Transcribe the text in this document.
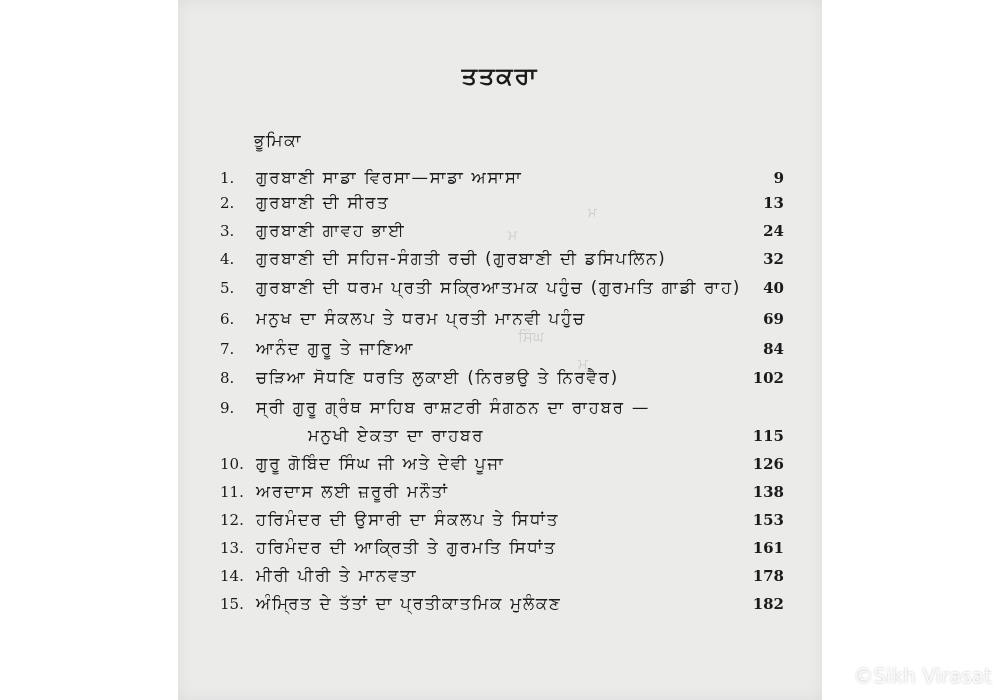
ਤਤਕਰਾ
ਭੂਮਿਕਾ
ਮ
ਮ
ਸਿੰਘ
ਮ
1. ਗੁਰਬਾਣੀ ਸਾਡਾ ਵਿਰਸਾ—ਸਾਡਾ ਅਸਾਸਾ	9
2. ਗੁਰਬਾਣੀ ਦੀ ਸੀਰਤ	13
3. ਗੁਰਬਾਣੀ ਗਾਵਹ ਭਾਈ	24
4. ਗੁਰਬਾਣੀ ਦੀ ਸਹਿਜ-ਸੰਗਤੀ ਰਚੀ (ਗੁਰਬਾਣੀ ਦੀ ਡਸਿਪਲਿਨ)	32
5. ਗੁਰਬਾਣੀ ਦੀ ਧਰਮ ਪ੍ਰਤੀ ਸਕ੍ਰਿਆਤਮਕ ਪਹੁੰਚ (ਗੁਰਮਤਿ ਗਾਡੀ ਰਾਹ) 40
6. ਮਨੁਖ ਦਾ ਸੰਕਲਪ ਤੇ ਧਰਮ ਪ੍ਰਤੀ ਮਾਨਵੀ ਪਹੁੰਚ	69
7. ਆਨੰਦ ਗੁਰੂ ਤੇ ਜਾਣਿਆ	84
8. ਚੜਿਆ ਸੋਧਣਿ ਧਰਤਿ ਲੁਕਾਈ (ਨਿਰਭਉ ਤੇ ਨਿਰਵੈਰ)	102
9. ਸ੍ਰੀ ਗੁਰੂ ਗ੍ਰੰਥ ਸਾਹਿਬ ਰਾਸ਼ਟਰੀ ਸੰਗਠਨ ਦਾ ਰਾਹਬਰ —
ਮਨੁਖੀ ਏਕਤਾ ਦਾ ਰਾਹਬਰ	115
10. ਗੁਰੂ ਗੋਬਿੰਦ ਸਿੰਘ ਜੀ ਅਤੇ ਦੇਵੀ ਪੂਜਾ	126
11. ਅਰਦਾਸ ਲਈ ਜ਼ਰੂਰੀ ਮਨੌਤਾਂ	138
12. ਹਰਿਮੰਦਰ ਦੀ ਉਸਾਰੀ ਦਾ ਸੰਕਲਪ ਤੇ ਸਿਧਾਂਤ	153
13. ਹਰਿਮੰਦਰ ਦੀ ਆਕ੍ਰਿਤੀ ਤੇ ਗੁਰਮਤਿ ਸਿਧਾਂਤ	161
14. ਮੀਰੀ ਪੀਰੀ ਤੇ ਮਾਨਵਤਾ	178
15. ਅੰਮ੍ਰਿਤ ਦੇ ਤੱਤਾਂ ਦਾ ਪ੍ਰਤੀਕਾਤਮਿਕ ਮੁਲੰਕਣ	182
©Sikh Virasat
